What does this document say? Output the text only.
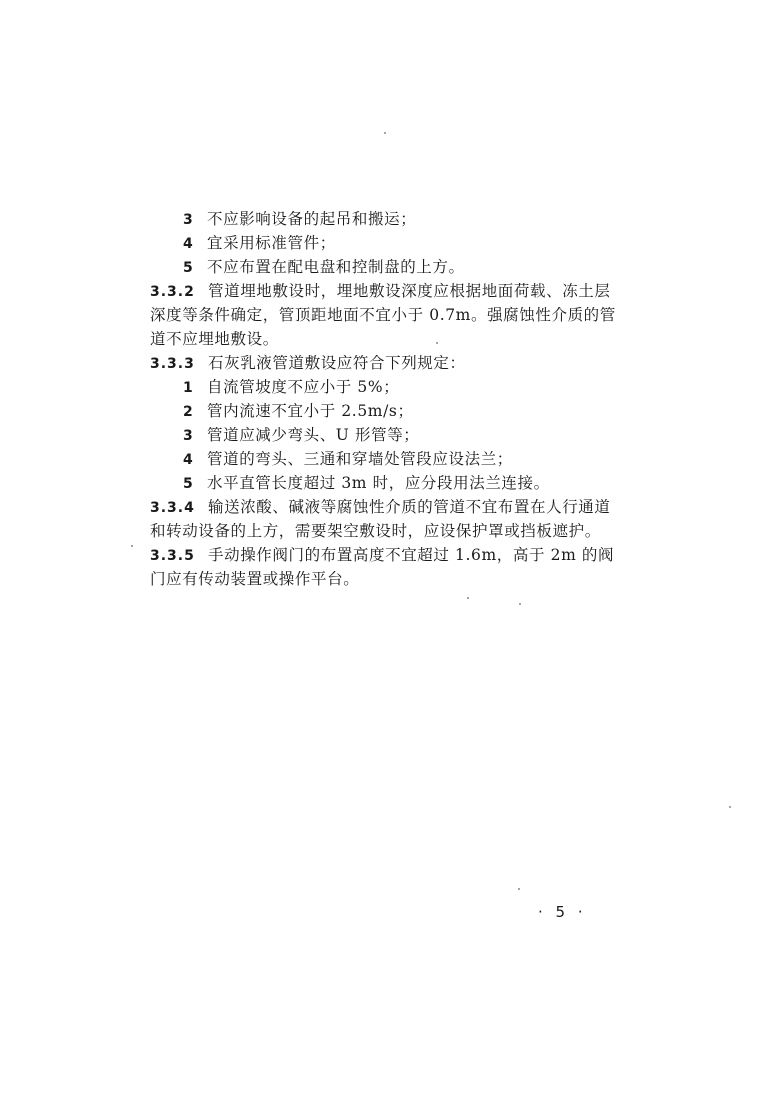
3 不应影响设备的起吊和搬运；
4 宜采用标准管件；
5 不应布置在配电盘和控制盘的上方。
3.3.2 管道埋地敷设时，埋地敷设深度应根据地面荷载、冻土层
深度等条件确定，管顶距地面不宜小于 0.7m。强腐蚀性介质的管
道不应埋地敷设。
3.3.3 石灰乳液管道敷设应符合下列规定：
1 自流管坡度不应小于 5%；
2 管内流速不宜小于 2.5m/s；
3 管道应减少弯头、U 形管等；
4 管道的弯头、三通和穿墙处管段应设法兰；
5 水平直管长度超过 3m 时，应分段用法兰连接。
3.3.4 输送浓酸、碱液等腐蚀性介质的管道不宜布置在人行通道
和转动设备的上方，需要架空敷设时，应设保护罩或挡板遮护。
3.3.5 手动操作阀门的布置高度不宜超过 1.6m，高于 2m 的阀
门应有传动装置或操作平台。
· 5 ·
